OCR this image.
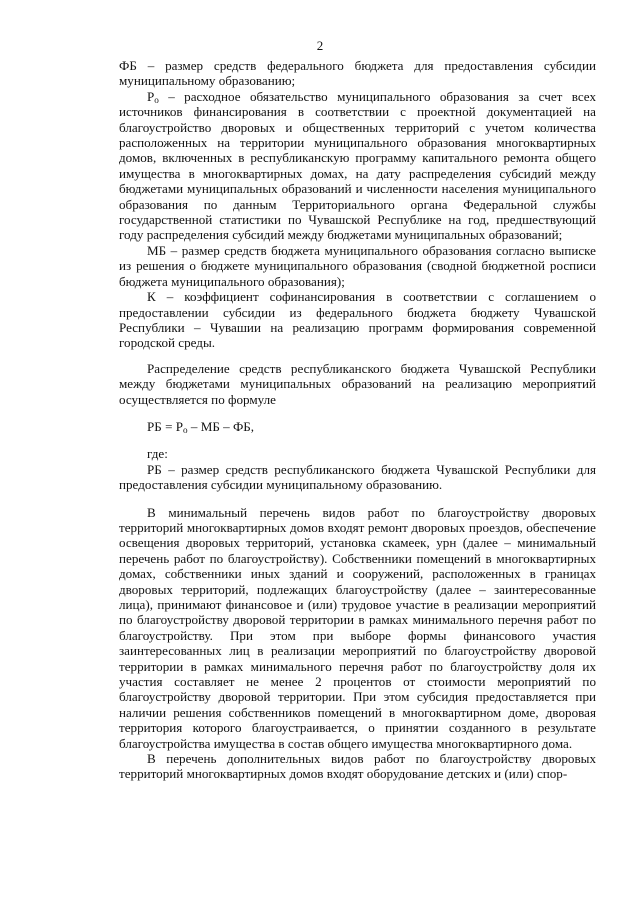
2

ФБ – размер средств федерального бюджета для предоставления субсидии муниципальному образованию;

$Р_о$ – расходное обязательство муниципального образования за счет всех источников финансирования в соответствии с проектной документацией на благоустройство дворовых и общественных территорий с учетом количества расположенных на территории муниципального образования многоквартирных домов, включенных в республиканскую программу капитального ремонта общего имущества в многоквартирных домах, на дату распределения субсидий между бюджетами муниципальных образований и численности населения муниципального образования по данным Территориального органа Федеральной службы государственной статистики по Чувашской Республике на год, предшествующий году распределения субсидий между бюджетами муниципальных образований;

МБ – размер средств бюджета муниципального образования согласно выписке из решения о бюджете муниципального образования (сводной бюджетной росписи бюджета муниципального образования);

К – коэффициент софинансирования в соответствии с соглашением о предоставлении субсидии из федерального бюджета бюджету Чувашской Республики – Чувашии на реализацию программ формирования современной городской среды.

Распределение средств республиканского бюджета Чувашской Республики между бюджетами муниципальных образований на реализацию мероприятий осуществляется по формуле

РБ = $Р_о$ – МБ – ФБ,

где:

РБ – размер средств республиканского бюджета Чувашской Республики для предоставления субсидии муниципальному образованию.

В минимальный перечень видов работ по благоустройству дворовых территорий многоквартирных домов входят ремонт дворовых проездов, обеспечение освещения дворовых территорий, установка скамеек, урн (далее – минимальный перечень работ по благоустройству). Собственники помещений в многоквартирных домах, собственники иных зданий и сооружений, расположенных в границах дворовых территорий, подлежащих благоустройству (далее – заинтересованные лица), принимают финансовое и (или) трудовое участие в реализации мероприятий по благоустройству дворовой территории в рамках минимального перечня работ по благоустройству. При этом при выборе формы финансового участия заинтересованных лиц в реализации мероприятий по благоустройству дворовой территории в рамках минимального перечня работ по благоустройству доля их участия составляет не менее 2 процентов от стоимости мероприятий по благоустройству дворовой территории. При этом субсидия предоставляется при наличии решения собственников помещений в многоквартирном доме, дворовая территория которого благоустраивается, о принятии созданного в результате благоустройства имущества в состав общего имущества многоквартирного дома.

В перечень дополнительных видов работ по благоустройству дворовых территорий многоквартирных домов входят оборудование детских и (или) спор-
